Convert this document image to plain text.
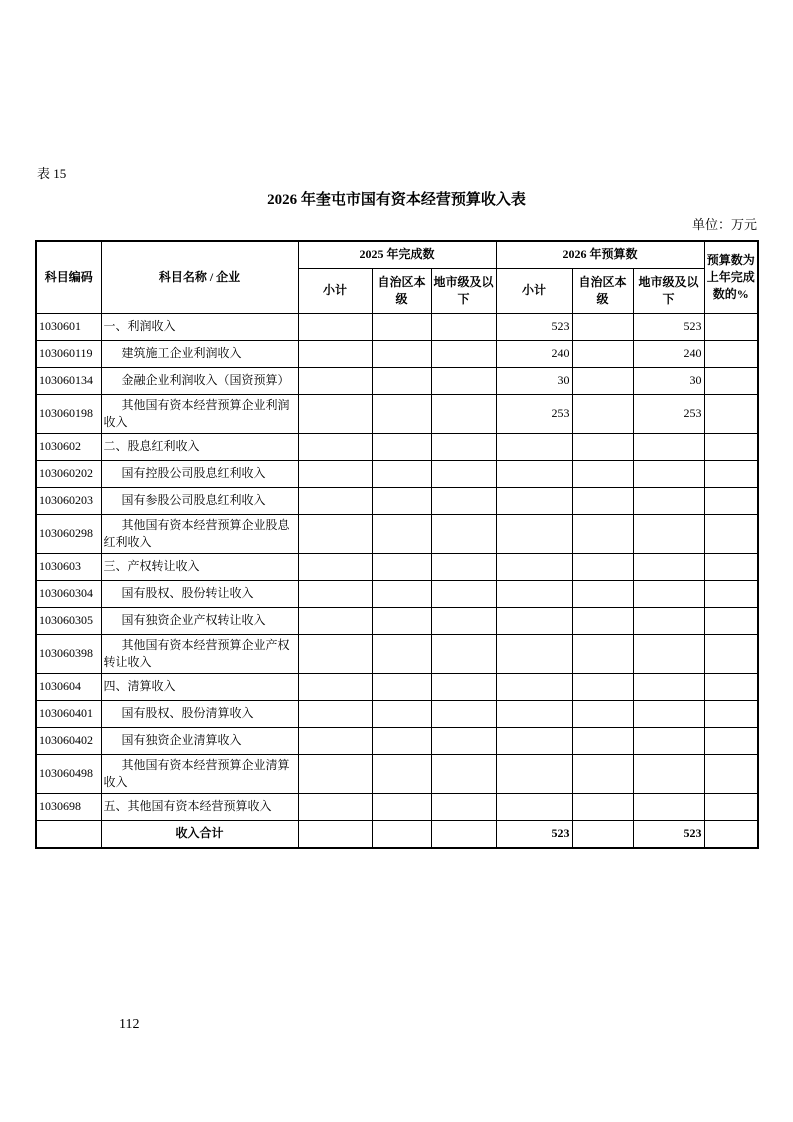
表 15
2026 年奎屯市国有资本经营预算收入表
单位：万元
科目编码	科目名称 / 企业	2025 年完成数			2026 年预算数			预算数为上年完成数的%
		小计	自治区本级	地市级及以下	小计	自治区本级	地市级及以下	
1030601	一、利润收入				523		523	
103060119	建筑施工企业利润收入				240		240	
103060134	金融企业利润收入（国资预算）				30		30	
103060198	其他国有资本经营预算企业利润收入				253		253	
1030602	二、股息红利收入							
103060202	国有控股公司股息红利收入							
103060203	国有参股公司股息红利收入							
103060298	其他国有资本经营预算企业股息红利收入							
1030603	三、产权转让收入							
103060304	国有股权、股份转让收入							
103060305	国有独资企业产权转让收入							
103060398	其他国有资本经营预算企业产权转让收入							
1030604	四、清算收入							
103060401	国有股权、股份清算收入							
103060402	国有独资企业清算收入							
103060498	其他国有资本经营预算企业清算收入							
1030698	五、其他国有资本经营预算收入							
	收入合计				523		523	
112
